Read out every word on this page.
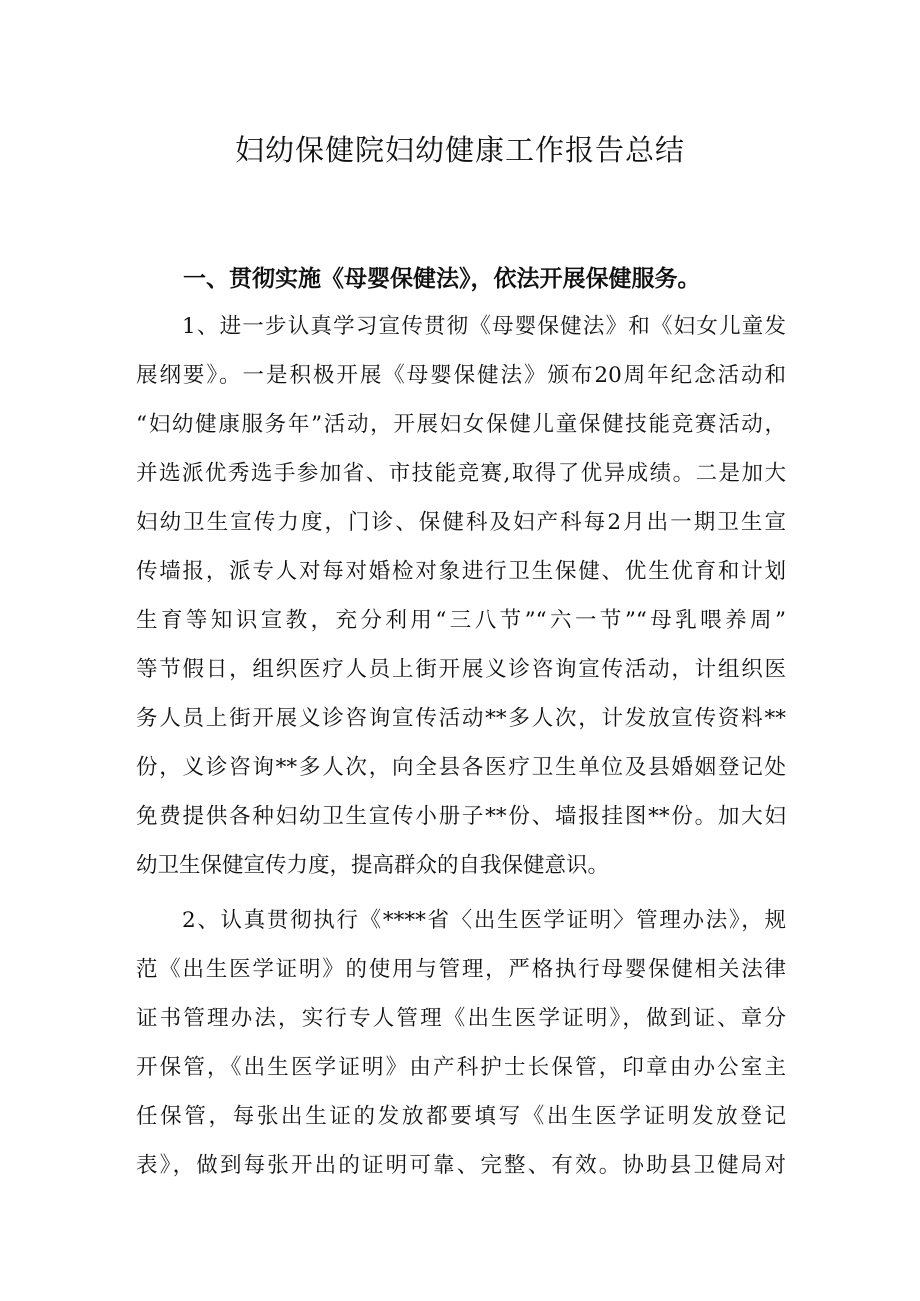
妇幼保健院妇幼健康工作报告总结
一、贯彻实施《母婴保健法》，依法开展保健服务。
1、进一步认真学习宣传贯彻《母婴保健法》和《妇女儿童发
展纲要》。一是积极开展《母婴保健法》颁布20周年纪念活动和
“妇幼健康服务年”活动，开展妇女保健儿童保健技能竞赛活动，
并选派优秀选手参加省、市技能竞赛,取得了优异成绩。二是加大
妇幼卫生宣传力度，门诊、保健科及妇产科每2月出一期卫生宣
传墙报，派专人对每对婚检对象进行卫生保健、优生优育和计划
生育等知识宣教，充分利用“三八节”“六一节”“母乳喂养周”
等节假日，组织医疗人员上街开展义诊咨询宣传活动，计组织医
务人员上街开展义诊咨询宣传活动**多人次，计发放宣传资料**
份，义诊咨询**多人次，向全县各医疗卫生单位及县婚姻登记处
免费提供各种妇幼卫生宣传小册子**份、墙报挂图**份。加大妇
幼卫生保健宣传力度，提高群众的自我保健意识。
2、认真贯彻执行《****省〈出生医学证明〉管理办法》，规
范《出生医学证明》的使用与管理，严格执行母婴保健相关法律
证书管理办法，实行专人管理《出生医学证明》，做到证、章分
开保管，《出生医学证明》由产科护士长保管，印章由办公室主
任保管，每张出生证的发放都要填写《出生医学证明发放登记
表》，做到每张开出的证明可靠、完整、有效。协助县卫健局对
